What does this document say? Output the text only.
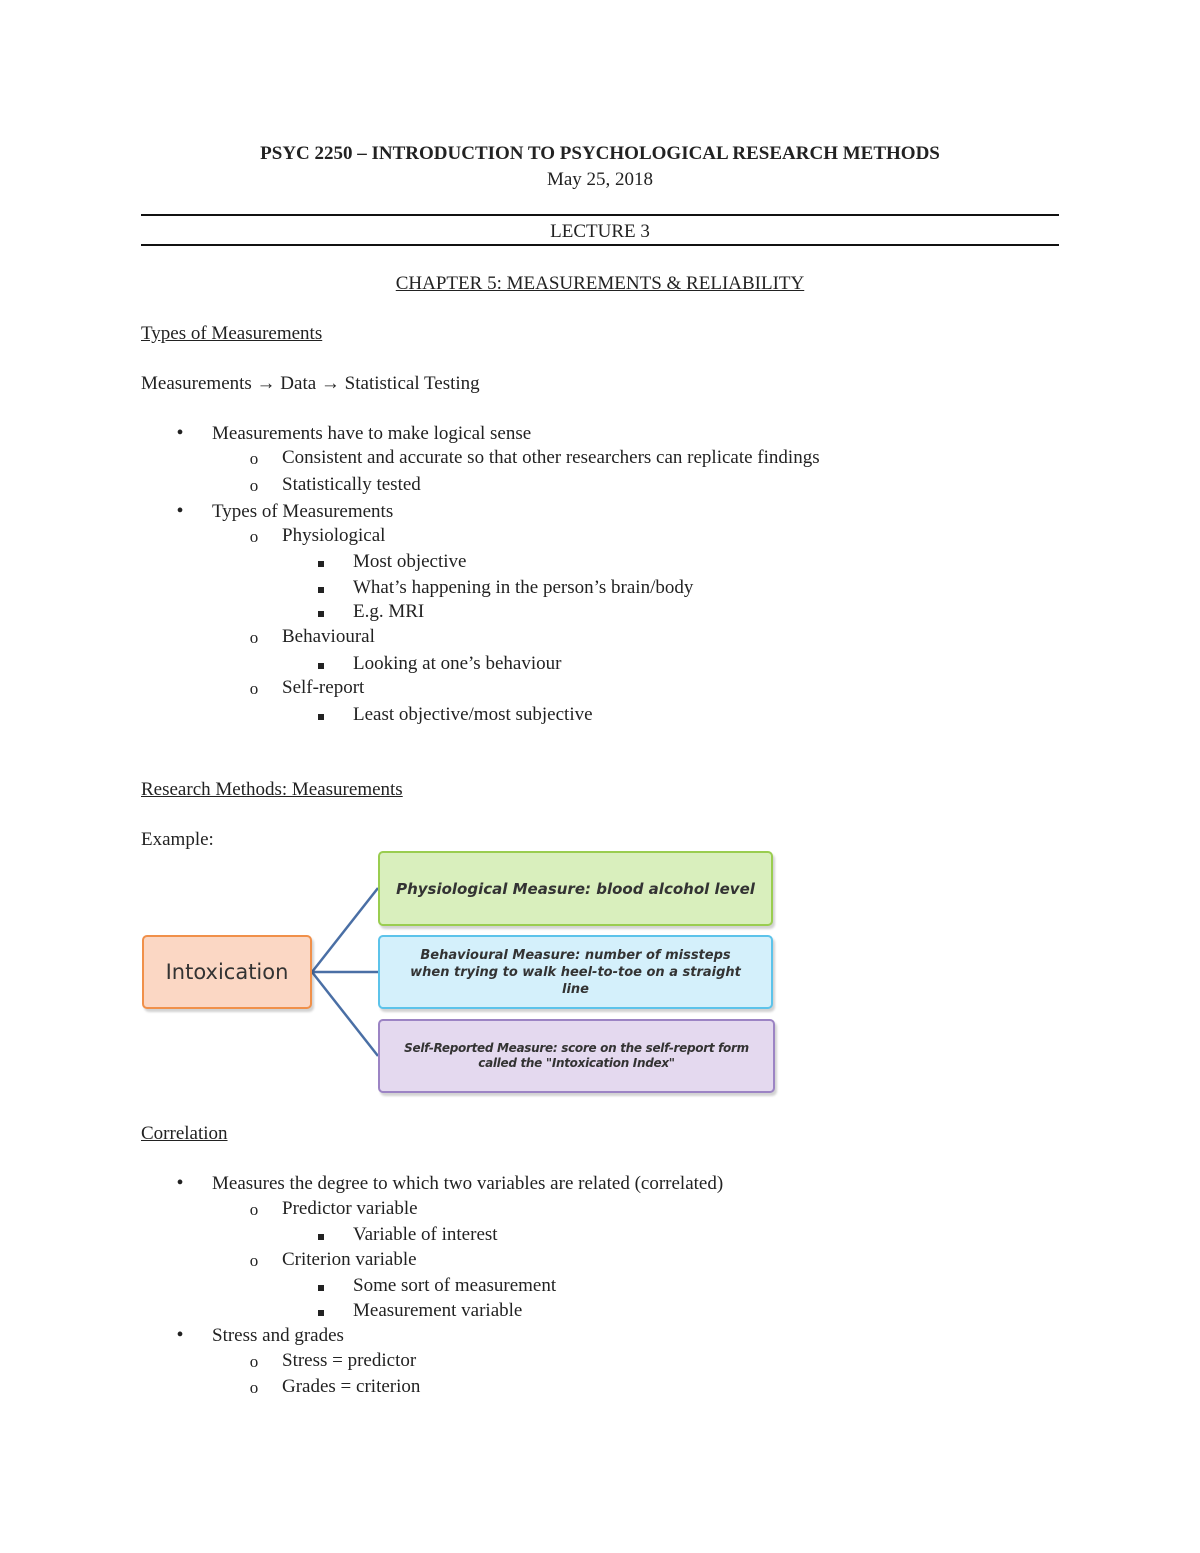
PSYC 2250 – INTRODUCTION TO PSYCHOLOGICAL RESEARCH METHODS
May 25, 2018
LECTURE 3
CHAPTER 5: MEASUREMENTS & RELIABILITY
Types of Measurements
Measurements → Data → Statistical Testing
•	Measurements have to make logical sense
o	Consistent and accurate so that other researchers can replicate findings
o	Statistically tested
•	Types of Measurements
o	Physiological
Most objective
What’s happening in the person’s brain/body
E.g. MRI
o	Behavioural
Looking at one’s behaviour
o	Self-report
Least objective/most subjective
Research Methods: Measurements
Example:
Intoxication
Physiological Measure: blood alcohol level
Behavioural Measure: number of missteps when trying to walk heel-to-toe on a straight line
Self-Reported Measure: score on the self-report form called the "Intoxication Index"
Correlation
•	Measures the degree to which two variables are related (correlated)
o	Predictor variable
Variable of interest
o	Criterion variable
Some sort of measurement
Measurement variable
•	Stress and grades
o	Stress = predictor
o	Grades = criterion
